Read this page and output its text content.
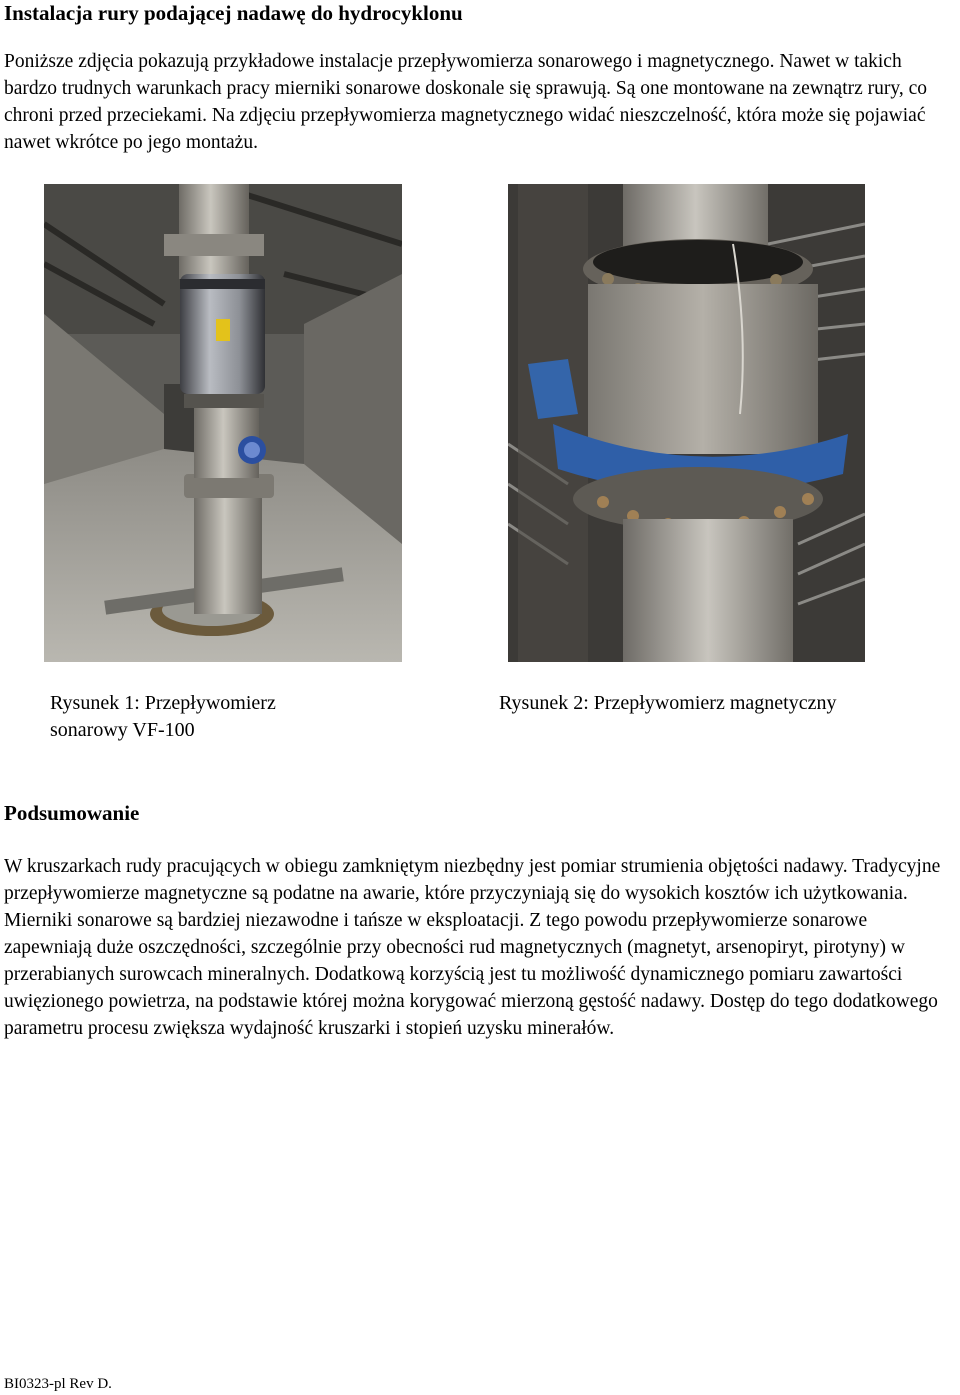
Instalacja rury podającej nadawę do hydrocyklonu

Poniższe zdjęcia pokazują przykładowe instalacje przepływomierza sonarowego i magnetycznego. Nawet w takich bardzo trudnych warunkach pracy mierniki sonarowe doskonale się sprawują. Są one montowane na zewnątrz rury, co chroni przed przeciekami. Na zdjęciu przepływomierza magnetycznego widać nieszczelność, która może się pojawiać nawet wkrótce po jego montażu.

Rysunek 1: Przepływomierz sonarowy VF-100

Rysunek 2: Przepływomierz magnetyczny

Podsumowanie

W kruszarkach rudy pracujących w obiegu zamkniętym niezbędny jest pomiar strumienia objętości nadawy. Tradycyjne przepływomierze magnetyczne są podatne na awarie, które przyczyniają się do wysokich kosztów ich użytkowania. Mierniki sonarowe są bardziej niezawodne i tańsze w eksploatacji. Z tego powodu przepływomierze sonarowe zapewniają duże oszczędności, szczególnie przy obecności rud magnetycznych (magnetyt, arsenopiryt, pirotyny) w przerabianych surowcach mineralnych. Dodatkową korzyścią jest tu możliwość dynamicznego pomiaru zawartości uwięzionego powietrza, na podstawie której można korygować mierzoną gęstość nadawy. Dostęp do tego dodatkowego parametru procesu zwiększa wydajność kruszarki i stopień uzysku minerałów.

BI0323-pl Rev D.
